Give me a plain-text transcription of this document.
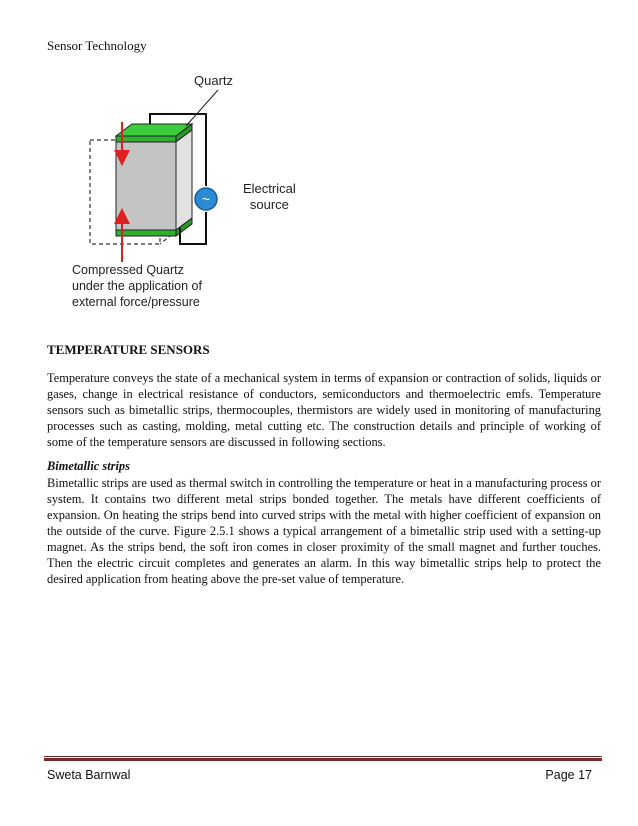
Sensor Technology
~
Quartz
Electrical
source
Compressed Quartz
under the application of
external force/pressure
TEMPERATURE SENSORS

Temperature conveys the state of a mechanical system in terms of expansion or contraction of solids, liquids or gases, change in electrical resistance of conductors, semiconductors and thermoelectric emfs. Temperature sensors such as bimetallic strips, thermocouples, thermistors are widely used in monitoring of manufacturing processes such as casting, molding, metal cutting etc. The construction details and principle of working of some of the temperature sensors are discussed in following sections.

Bimetallic strips

Bimetallic strips are used as thermal switch in controlling the temperature or heat in a manufacturing process or system. It contains two different metal strips bonded together. The metals have different coefficients of expansion. On heating the strips bend into curved strips with the metal with higher coefficient of expansion on the outside of the curve. Figure 2.5.1 shows a typical arrangement of a bimetallic strip used with a setting-up magnet. As the strips bend, the soft iron comes in closer proximity of the small magnet and further touches. Then the electric circuit completes and generates an alarm. In this way bimetallic strips help to protect the desired application from heating above the pre-set value of temperature.

Sweta Barnwal	Page 17
